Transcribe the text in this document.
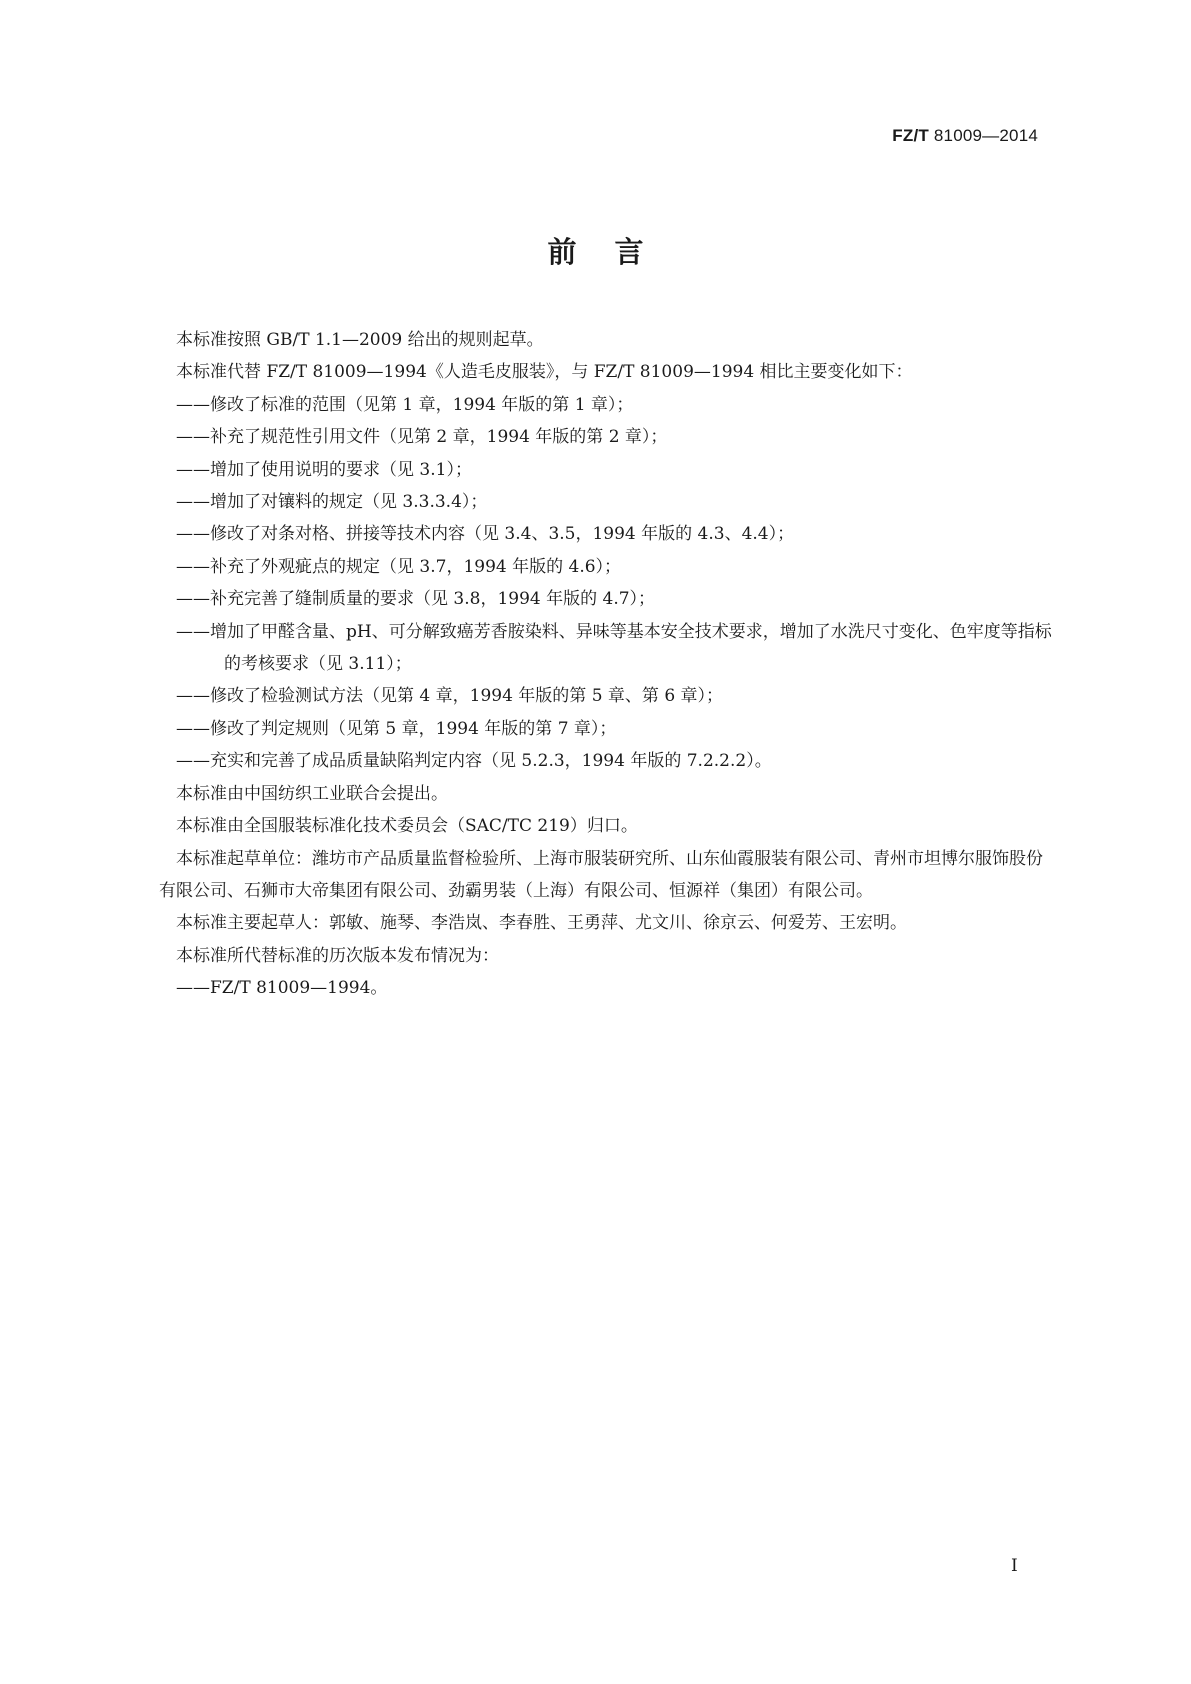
FZ/T 81009—2014
前言

本标准按照 GB/T 1.1—2009 给出的规则起草。

本标准代替 FZ/T 81009—1994《人造毛皮服装》，与 FZ/T 81009—1994 相比主要变化如下：

——修改了标准的范围（见第 1 章，1994 年版的第 1 章）；

——补充了规范性引用文件（见第 2 章，1994 年版的第 2 章）；

——增加了使用说明的要求（见 3.1）；

——增加了对镶料的规定（见 3.3.3.4）；

——修改了对条对格、拼接等技术内容（见 3.4、3.5，1994 年版的 4.3、4.4）；

——补充了外观疵点的规定（见 3.7，1994 年版的 4.6）；

——补充完善了缝制质量的要求（见 3.8，1994 年版的 4.7）；

——增加了甲醛含量、pH、可分解致癌芳香胺染料、异味等基本安全技术要求，增加了水洗尺寸变化、色牢度等指标的考核要求（见 3.11）；

——修改了检验测试方法（见第 4 章，1994 年版的第 5 章、第 6 章）；

——修改了判定规则（见第 5 章，1994 年版的第 7 章）；

——充实和完善了成品质量缺陷判定内容（见 5.2.3，1994 年版的 7.2.2.2）。

本标准由中国纺织工业联合会提出。

本标准由全国服装标准化技术委员会（SAC/TC 219）归口。

本标准起草单位：潍坊市产品质量监督检验所、上海市服装研究所、山东仙霞服装有限公司、青州市坦博尔服饰股份有限公司、石狮市大帝集团有限公司、劲霸男装（上海）有限公司、恒源祥（集团）有限公司。

本标准主要起草人：郭敏、施琴、李浩岚、李春胜、王勇萍、尤文川、徐京云、何爱芳、王宏明。

本标准所代替标准的历次版本发布情况为：

——FZ/T 81009—1994。

I
